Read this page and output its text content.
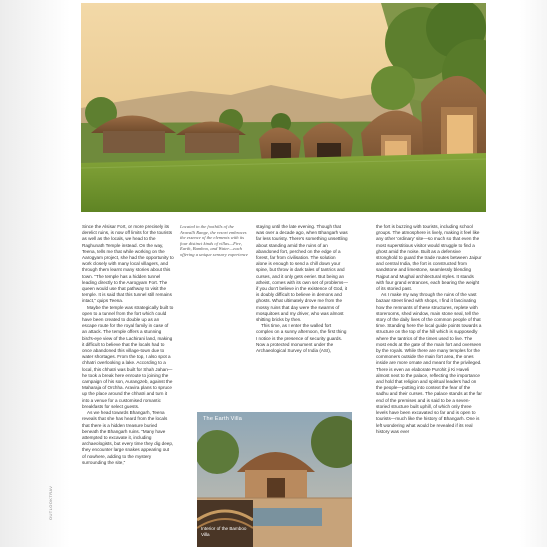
Since the Alsisar Fort, or more precisely its derelict ruins, is now off limits for the tourists as well as the locals, we head to the Raghunath Temple instead. On the way, Teena, tells me that while working on the Aarogyam project, she had the opportunity to work closely with many local villagers, and through them learnt many stories about this town. "The temple has a hidden tunnel leading directly to the Aarogyam Fort. The queen would use that pathway to visit the temple. It is said that this tunnel still remains intact," quips Teena.

Maybe the temple was strategically built to open to a tunnel from the fort which could have been created to double up as an escape route for the royal family in case of an attack. The temple offers a stunning bird's-eye view of the Lachirani land, making it difficult to believe that the locals had to once abandoned this village-town due to water shortages. From the top, I also spot a chhatri overlooking a lake. According to a local, this chhatri was built for Shah Jahan—he took a break here enroute to joining the campaign of his son, Aurangzeb, against the Maharaja of Orchha. Aravira plans to spruce up the place around the chhatri and turn it into a venue for a customised romantic breakfasts for select guests.

As we head towards Bhangarh, Teena reveals that she has heard from the locals that there is a hidden treasure buried beneath the Bhangarh ruins. "Many have attempted to excavate it, including archaeologists, but every time they dig deep, they encounter large snakes appearing out of nowhere, adding to the mystery surrounding the site,"

Located in the foothills of the Aravalli Range, the resort embraces the essence of the elements with its four distinct kinds of villas—Fire, Earth, Bamboo, and Water—each offering a unique sensory experience

staying until the late evening. Though that was over a decade ago, when Bhangarh was far less touristy. There's something unsettling about standing amid the ruins of an abandoned fort, perched on the edge of a forest, far from civilisation. The solution alone is enough to send a chill down your spine, but throw in dark tales of tantrics and curses, and it only gets eerier. But being an atheist, comes with its own set of problems—if you don't believe in the existence of God, it is doubly difficult to believe in demons and ghosts. What ultimately drove me from the mossy ruins that day were the swarms of mosquitoes and my driver, who was almost shitting bricks by then.

This time, as I enter the walled fort complex on a sunny afternoon, the first thing I notice is the presence of security guards. Now a protected monument under the Archaeological Survey of India (ASI),

the fort is buzzing with tourists, including school groups. The atmosphere is lively, making it feel like any other 'ordinary' site—so much so that even the most superstitious visitor would struggle to find a ghost amid the noise. Built as a defensive stronghold to guard the trade routes between Jaipur and central India, the fort is constructed from sandstone and limestone, seamlessly blending Rajput and Mughal architectural styles. It stands with four grand entrances, each bearing the weight of its storied past.

As I make my way through the ruins of the vast bazaar street lined with shops, I find it fascinating how the remnants of these structures, replete with storerooms, shed window, main stone seal, tell the story of the daily lives of the common people of that time. Standing here the local guide points towards a structure on the top of the hill which is supposedly where the tantrics of the times used to live. The most ends at the gate of the main fort and overseen by the royals. While there are many temples for the commoners outside the main fort area, the ones inside are more ornate and meant for the privileged. There is even an elaborate Purohit ji Ki Haveli almost next to the palace, reflecting the importance and hold that religion and spiritual leaders had on the people—putting into context the fear of the sadhu and their curses. The palace stands at the far end of the premises and is said to be a seven-storied structure built uphill, of which only three levels have been excavated so far and is open to tourists—much like the history of Bhangarh. One is left wondering what would be revealed if its real history was ever

The Earth Villa
Interior of the Bamboo Villa
OUTLOOKTRAV
